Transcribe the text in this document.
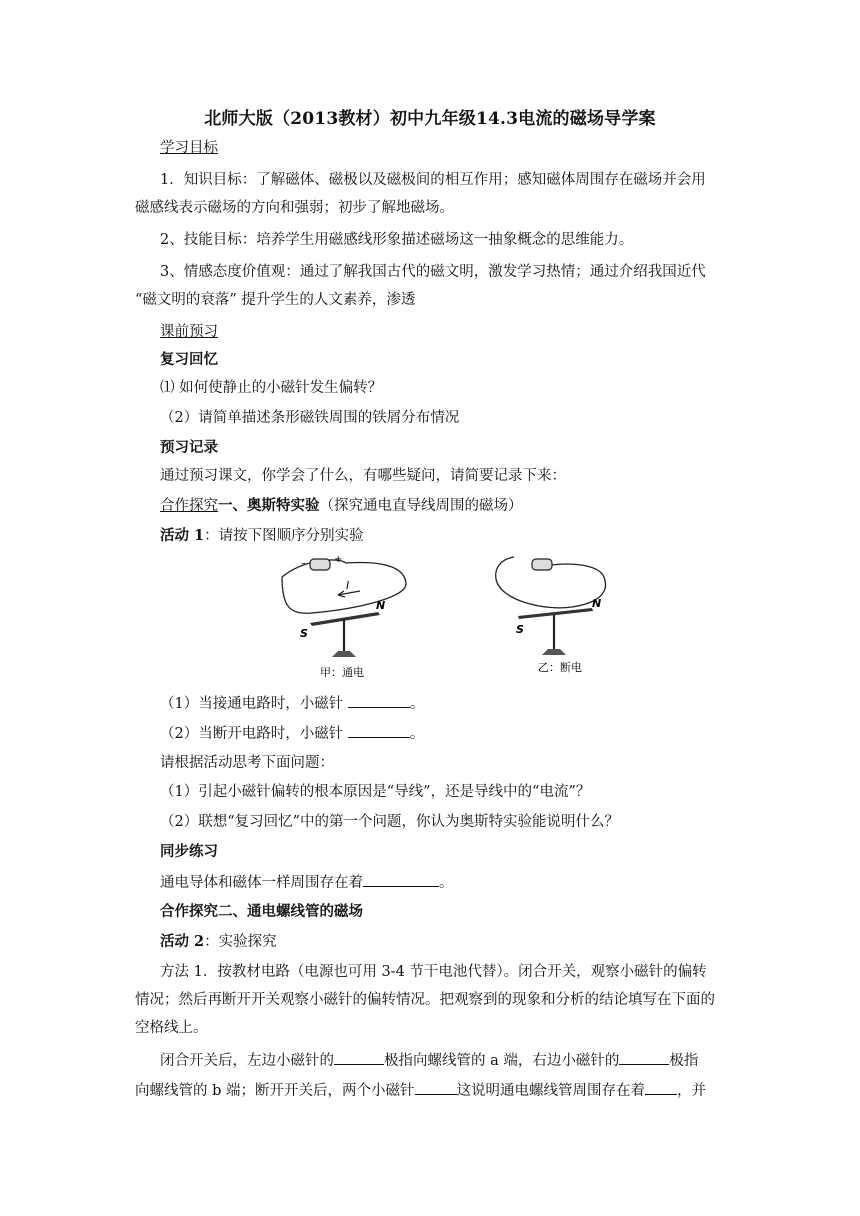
北师大版（2013教材）初中九年级14.3电流的磁场导学案
学习目标
1．知识目标：了解磁体、磁极以及磁极间的相互作用；感知磁体周围存在磁场并会用
磁感线表示磁场的方向和强弱；初步了解地磁场。
2、技能目标：培养学生用磁感线形象描述磁场这一抽象概念的思维能力。
3、情感态度价值观：通过了解我国古代的磁文明，激发学习热情；通过介绍我国近代
“磁文明的衰落” 提升学生的人文素养，渗透
课前预习
复习回忆
⑴ 如何使静止的小磁针发生偏转？
（2）请简单描述条形磁铁周围的铁屑分布情况
预习记录
通过预习课文，你学会了什么，有哪些疑问，请简要记录下来：
合作探究一、奥斯特实验（探究通电直导线周围的磁场）
活动 1：请按下图顺序分别实验
–	+
I
S
N
甲：通电
S
N
乙：断电
（1）当接通电路时，小磁针	。
（2）当断开电路时，小磁针	。
请根据活动思考下面问题：
（1）引起小磁针偏转的根本原因是“导线”，还是导线中的“电流”？
（2）联想“复习回忆”中的第一个问题，你认为奥斯特实验能说明什么？
同步练习
通电导体和磁体一样周围存在着	。
合作探究二、通电螺线管的磁场
活动 2：实验探究
方法 1．按教材电路（电源也可用 3-4 节干电池代替）。闭合开关，观察小磁针的偏转
情况；然后再断开开关观察小磁针的偏转情况。把观察到的现象和分析的结论填写在下面的
空格线上。
闭合开关后，左边小磁针的	极指向螺线管的 a 端，右边小磁针的	极指
向螺线管的 b 端；断开开关后，两个小磁针	这说明通电螺线管周围存在着 ，并
